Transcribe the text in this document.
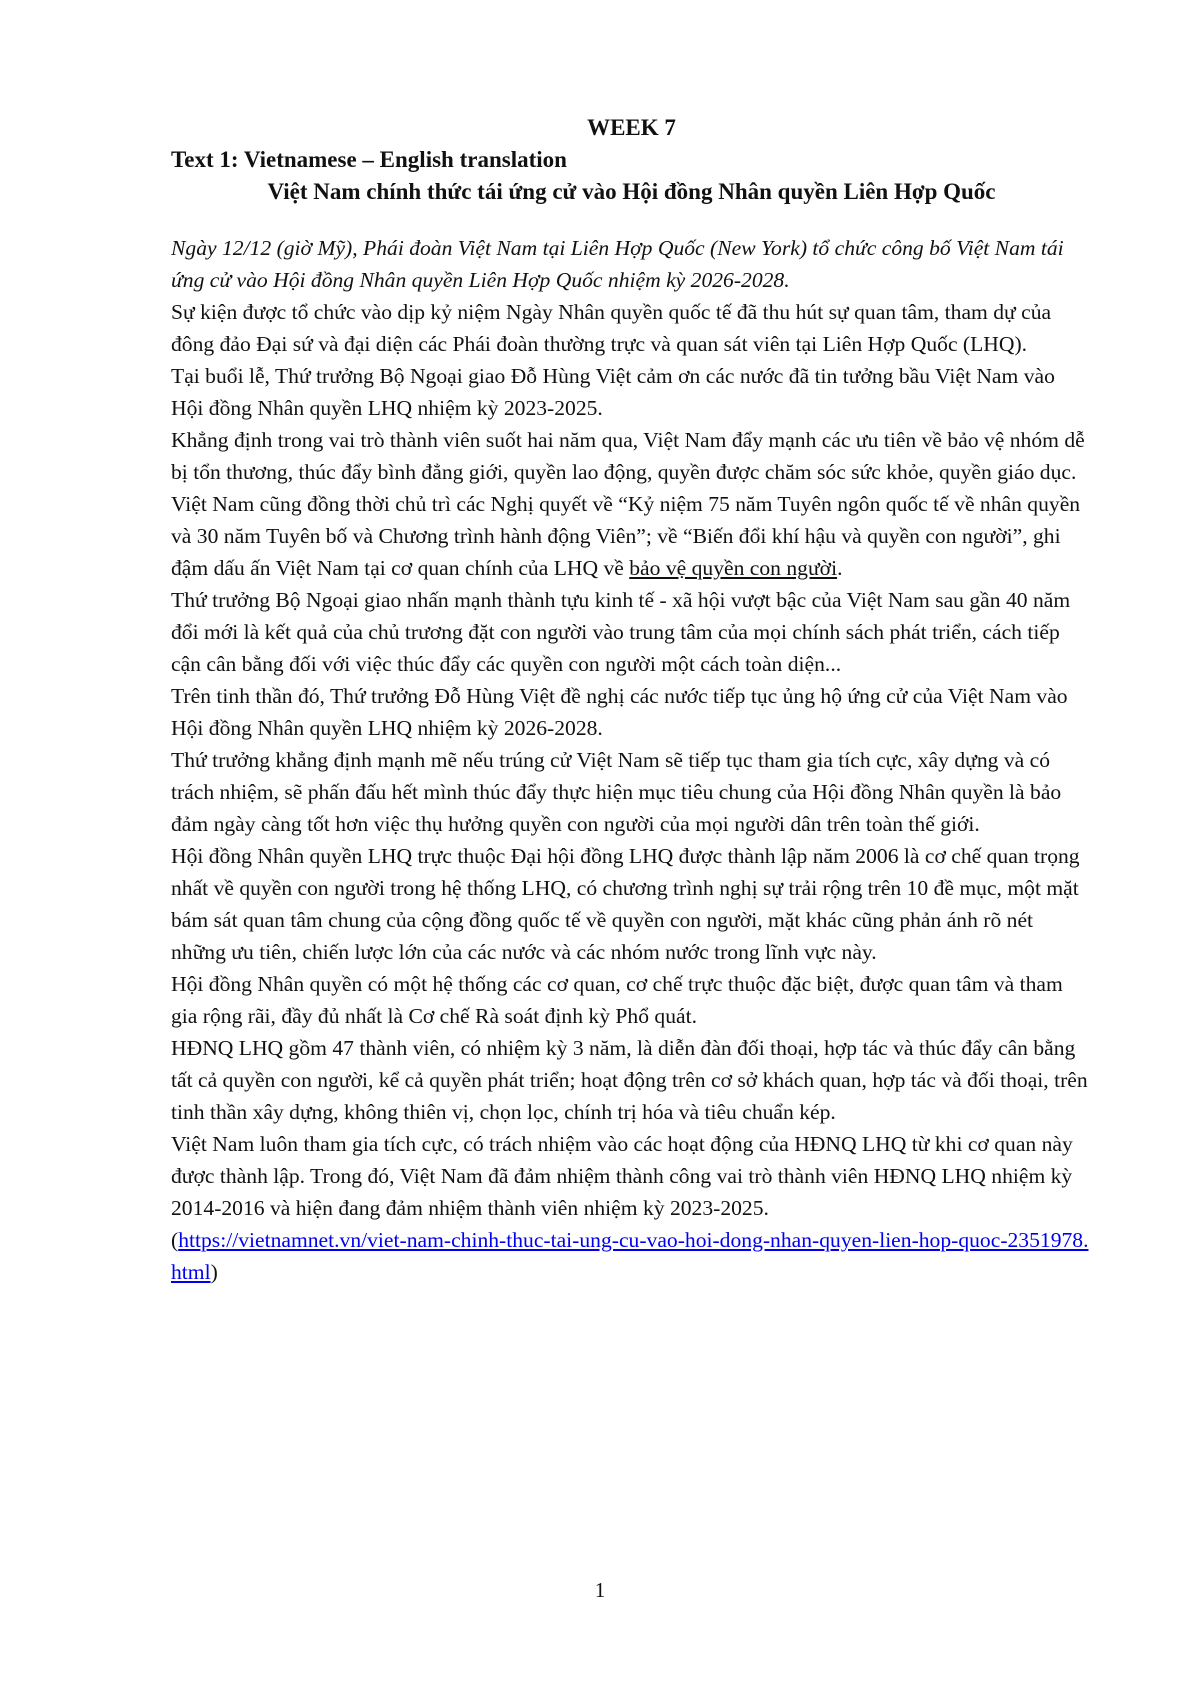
WEEK 7

Text 1: Vietnamese – English translation

Việt Nam chính thức tái ứng cử vào Hội đồng Nhân quyền Liên Hợp Quốc

Ngày 12/12 (giờ Mỹ), Phái đoàn Việt Nam tại Liên Hợp Quốc (New York) tổ chức công bố Việt Nam tái ứng cử vào Hội đồng Nhân quyền Liên Hợp Quốc nhiệm kỳ 2026-2028.

Sự kiện được tổ chức vào dịp kỷ niệm Ngày Nhân quyền quốc tế đã thu hút sự quan tâm, tham dự của đông đảo Đại sứ và đại diện các Phái đoàn thường trực và quan sát viên tại Liên Hợp Quốc (LHQ).

Tại buổi lễ, Thứ trưởng Bộ Ngoại giao Đỗ Hùng Việt cảm ơn các nước đã tin tưởng bầu Việt Nam vào Hội đồng Nhân quyền LHQ nhiệm kỳ 2023-2025.

Khẳng định trong vai trò thành viên suốt hai năm qua, Việt Nam đẩy mạnh các ưu tiên về bảo vệ nhóm dễ bị tổn thương, thúc đẩy bình đẳng giới, quyền lao động, quyền được chăm sóc sức khỏe, quyền giáo dục.

Việt Nam cũng đồng thời chủ trì các Nghị quyết về “Kỷ niệm 75 năm Tuyên ngôn quốc tế về nhân quyền và 30 năm Tuyên bố và Chương trình hành động Viên”; về “Biến đổi khí hậu và quyền con người”, ghi đậm dấu ấn Việt Nam tại cơ quan chính của LHQ về bảo vệ quyền con người.

Thứ trưởng Bộ Ngoại giao nhấn mạnh thành tựu kinh tế - xã hội vượt bậc của Việt Nam sau gần 40 năm đổi mới là kết quả của chủ trương đặt con người vào trung tâm của mọi chính sách phát triển, cách tiếp cận cân bằng đối với việc thúc đẩy các quyền con người một cách toàn diện...

Trên tinh thần đó, Thứ trưởng Đỗ Hùng Việt đề nghị các nước tiếp tục ủng hộ ứng cử của Việt Nam vào Hội đồng Nhân quyền LHQ nhiệm kỳ 2026-2028.

Thứ trưởng khẳng định mạnh mẽ nếu trúng cử Việt Nam sẽ tiếp tục tham gia tích cực, xây dựng và có trách nhiệm, sẽ phấn đấu hết mình thúc đẩy thực hiện mục tiêu chung của Hội đồng Nhân quyền là bảo đảm ngày càng tốt hơn việc thụ hưởng quyền con người của mọi người dân trên toàn thế giới.

Hội đồng Nhân quyền LHQ trực thuộc Đại hội đồng LHQ được thành lập năm 2006 là cơ chế quan trọng nhất về quyền con người trong hệ thống LHQ, có chương trình nghị sự trải rộng trên 10 đề mục, một mặt bám sát quan tâm chung của cộng đồng quốc tế về quyền con người, mặt khác cũng phản ánh rõ nét những ưu tiên, chiến lược lớn của các nước và các nhóm nước trong lĩnh vực này.

Hội đồng Nhân quyền có một hệ thống các cơ quan, cơ chế trực thuộc đặc biệt, được quan tâm và tham gia rộng rãi, đầy đủ nhất là Cơ chế Rà soát định kỳ Phổ quát.

HĐNQ LHQ gồm 47 thành viên, có nhiệm kỳ 3 năm, là diễn đàn đối thoại, hợp tác và thúc đẩy cân bằng tất cả quyền con người, kể cả quyền phát triển; hoạt động trên cơ sở khách quan, hợp tác và đối thoại, trên tinh thần xây dựng, không thiên vị, chọn lọc, chính trị hóa và tiêu chuẩn kép.

Việt Nam luôn tham gia tích cực, có trách nhiệm vào các hoạt động của HĐNQ LHQ từ khi cơ quan này được thành lập. Trong đó, Việt Nam đã đảm nhiệm thành công vai trò thành viên HĐNQ LHQ nhiệm kỳ 2014-2016 và hiện đang đảm nhiệm thành viên nhiệm kỳ 2023-2025.

(https://vietnamnet.vn/viet-nam-chinh-thuc-tai-ung-cu-vao-hoi-dong-nhan-quyen-lien-hop-quoc-2351978.html)

1
